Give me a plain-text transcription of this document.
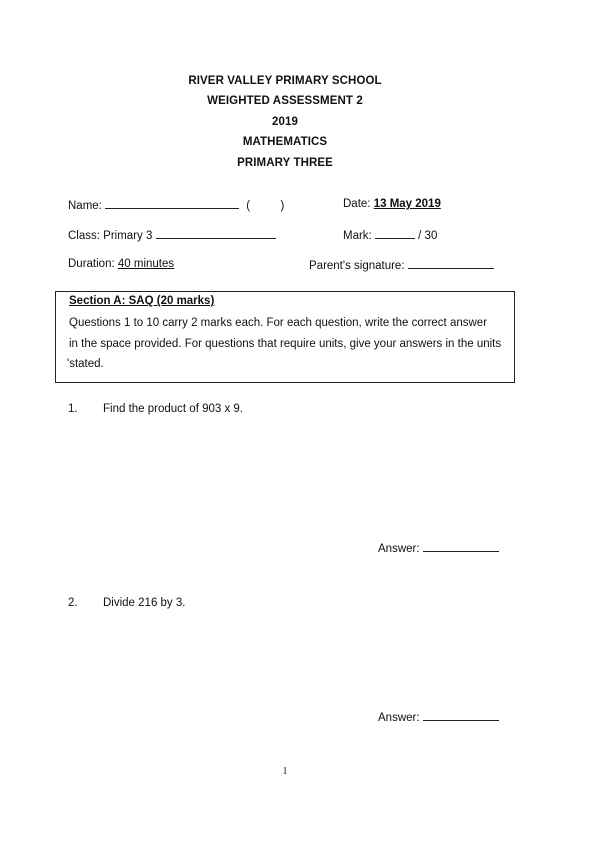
RIVER VALLEY PRIMARY SCHOOL
WEIGHTED ASSESSMENT 2
2019
MATHEMATICS
PRIMARY THREE
Name:	(	)	Date: 13 May 2019
Class: Primary 3	Mark:	/ 30
Duration: 40 minutes	Parent's signature:
Section A: SAQ (20 marks)
Questions 1 to 10 carry 2 marks each. For each question, write the correct answer
in the space provided. For questions that require units, give your answers in the units
'stated.
1. Find the product of 903 x 9.
Answer:
2. Divide 216 by 3.
Answer:
1
